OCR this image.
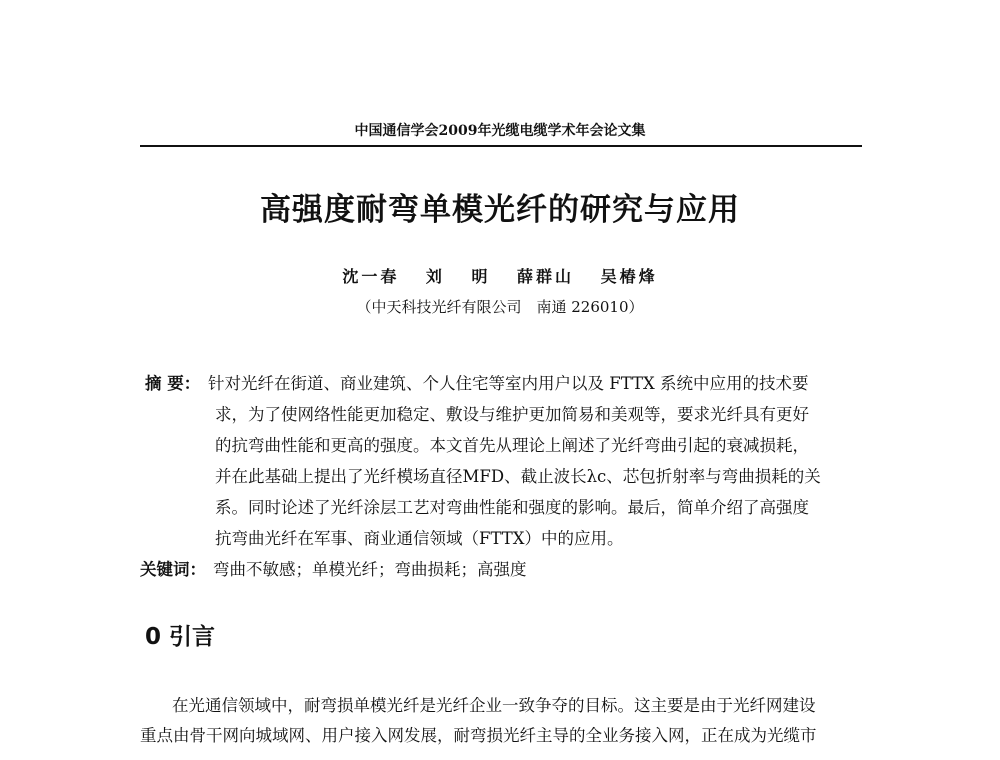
中国通信学会2009年光缆电缆学术年会论文集
高强度耐弯单模光纤的研究与应用
沈一春 刘 明 薛群山 吴椿烽
（中天科技光纤有限公司　南通 226010）
摘 要： 针对光纤在街道、商业建筑、个人住宅等室内用户以及 FTTX 系统中应用的技术要
求，为了使网络性能更加稳定、敷设与维护更加简易和美观等，要求光纤具有更好
的抗弯曲性能和更高的强度。本文首先从理论上阐述了光纤弯曲引起的衰减损耗，
并在此基础上提出了光纤模场直径MFD、截止波长λc、芯包折射率与弯曲损耗的关
系。同时论述了光纤涂层工艺对弯曲性能和强度的影响。最后，简单介绍了高强度
抗弯曲光纤在军事、商业通信领域（FTTX）中的应用。
关键词： 弯曲不敏感；单模光纤；弯曲损耗；高强度
0 引言
在光通信领域中，耐弯损单模光纤是光纤企业一致争夺的目标。这主要是由于光纤网建设
重点由骨干网向城域网、用户接入网发展，耐弯损光纤主导的全业务接入网，正在成为光缆市
